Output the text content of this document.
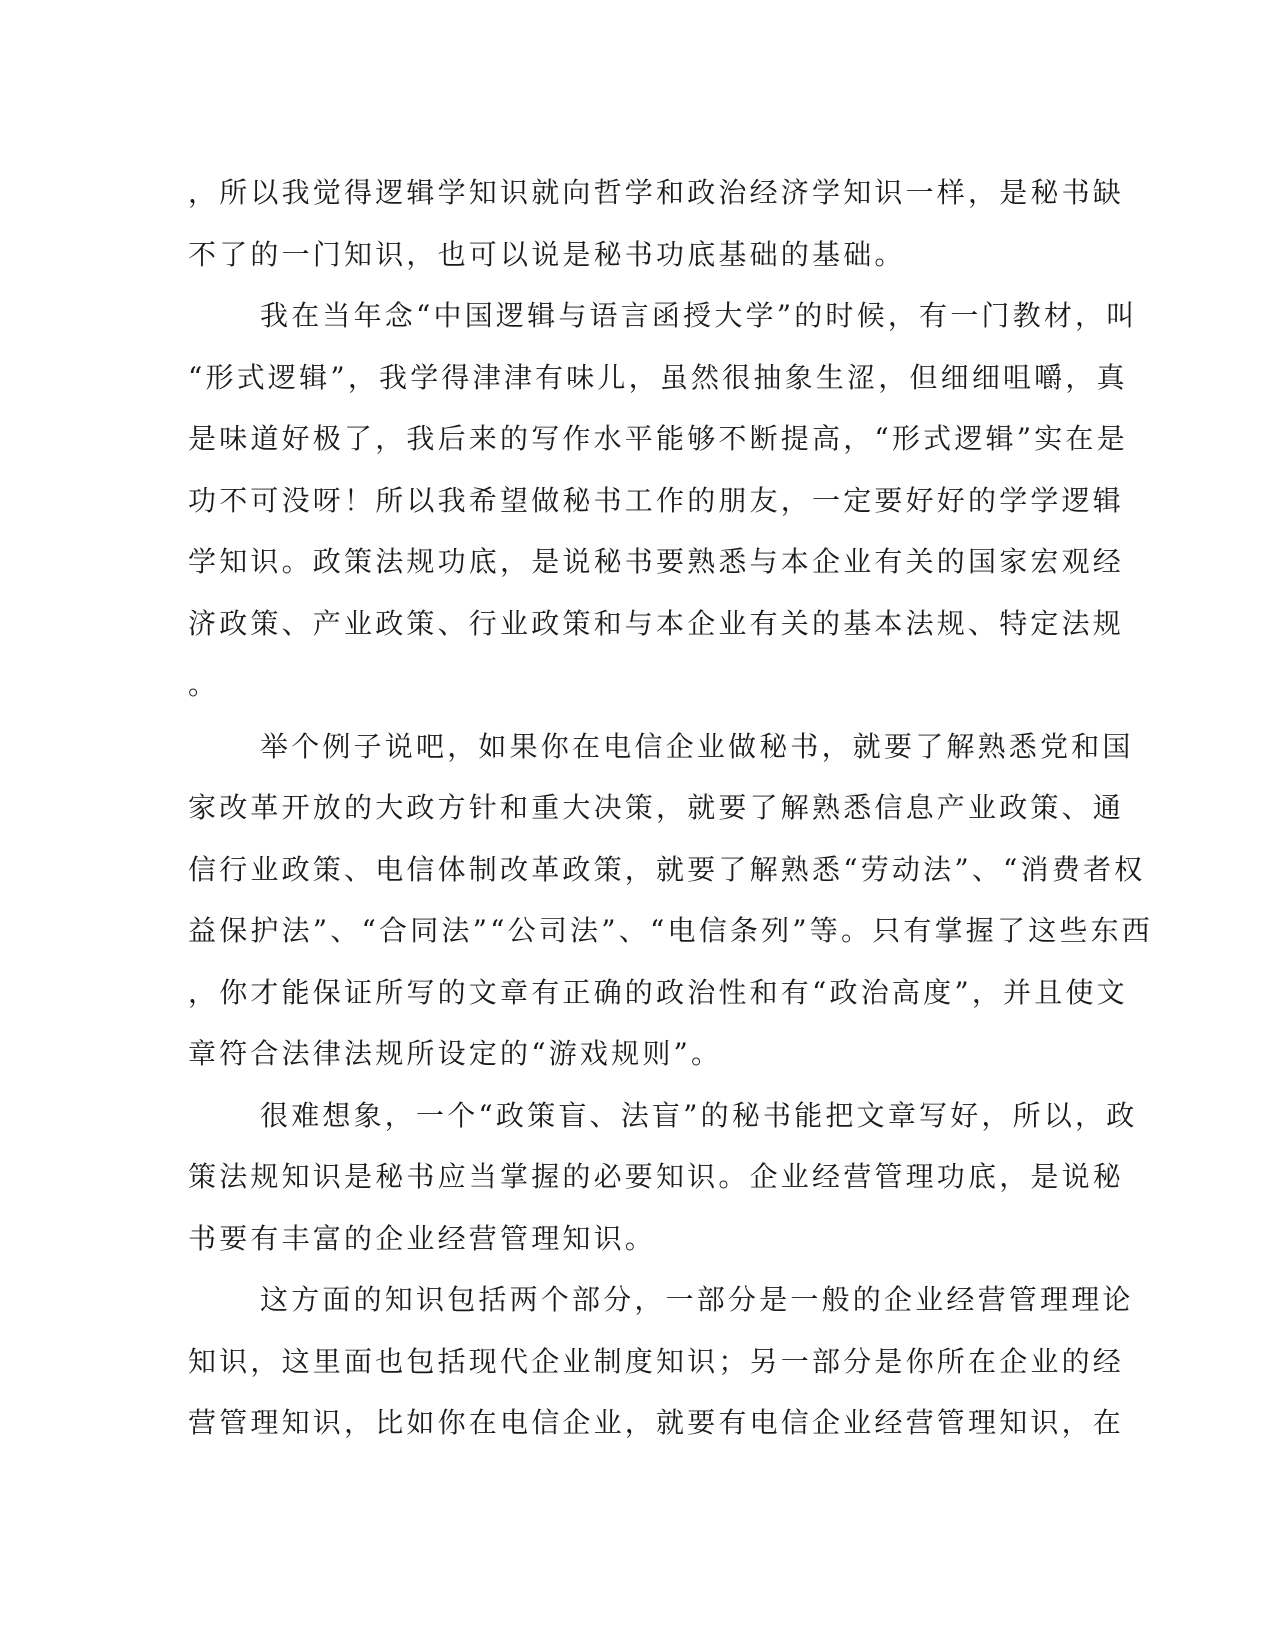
，所以我觉得逻辑学知识就向哲学和政治经济学知识一样，是秘书缺
不了的一门知识，也可以说是秘书功底基础的基础。
我在当年念“中国逻辑与语言函授大学”的时候，有一门教材，叫
“形式逻辑”，我学得津津有味儿，虽然很抽象生涩，但细细咀嚼，真
是味道好极了，我后来的写作水平能够不断提高，“形式逻辑”实在是
功不可没呀！所以我希望做秘书工作的朋友，一定要好好的学学逻辑
学知识。政策法规功底，是说秘书要熟悉与本企业有关的国家宏观经
济政策、产业政策、行业政策和与本企业有关的基本法规、特定法规
。
举个例子说吧，如果你在电信企业做秘书，就要了解熟悉党和国
家改革开放的大政方针和重大决策，就要了解熟悉信息产业政策、通
信行业政策、电信体制改革政策，就要了解熟悉“劳动法”、“消费者权
益保护法”、“合同法”“公司法”、“电信条列”等。只有掌握了这些东西
，你才能保证所写的文章有正确的政治性和有“政治高度”，并且使文
章符合法律法规所设定的“游戏规则”。
很难想象，一个“政策盲、法盲”的秘书能把文章写好，所以，政
策法规知识是秘书应当掌握的必要知识。企业经营管理功底，是说秘
书要有丰富的企业经营管理知识。
这方面的知识包括两个部分，一部分是一般的企业经营管理理论
知识，这里面也包括现代企业制度知识；另一部分是你所在企业的经
营管理知识，比如你在电信企业，就要有电信企业经营管理知识，在
